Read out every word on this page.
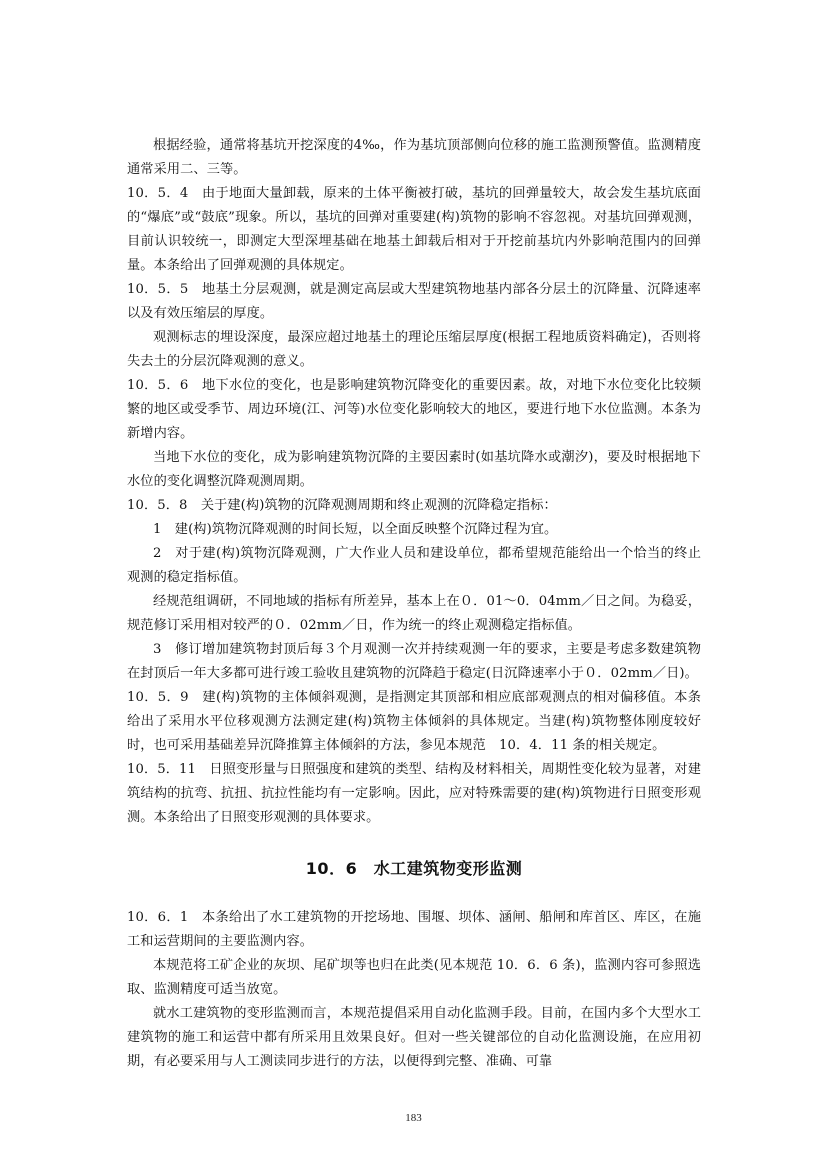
根据经验，通常将基坑开挖深度的4‰，作为基坑顶部侧向位移的施工监测预警值。监测精度通常采用二、三等。

10．5．4　由于地面大量卸载，原来的土体平衡被打破，基坑的回弹量较大，故会发生基坑底面的“爆底”或“鼓底”现象。所以，基坑的回弹对重要建(构)筑物的影响不容忽视。对基坑回弹观测，目前认识较统一，即测定大型深埋基础在地基土卸载后相对于开挖前基坑内外影响范围内的回弹量。本条给出了回弹观测的具体规定。

10．5．5　地基土分层观测，就是测定高层或大型建筑物地基内部各分层土的沉降量、沉降速率以及有效压缩层的厚度。

观测标志的埋设深度，最深应超过地基土的理论压缩层厚度(根据工程地质资料确定)，否则将失去土的分层沉降观测的意义。

10．5．6　地下水位的变化，也是影响建筑物沉降变化的重要因素。故，对地下水位变化比较频繁的地区或受季节、周边环境(江、河等)水位变化影响较大的地区，要进行地下水位监测。本条为新增内容。

当地下水位的变化，成为影响建筑物沉降的主要因素时(如基坑降水或潮汐)，要及时根据地下水位的变化调整沉降观测周期。

10．5．8　关于建(构)筑物的沉降观测周期和终止观测的沉降稳定指标：

1　建(构)筑物沉降观测的时间长短，以全面反映整个沉降过程为宜。

2　对于建(构)筑物沉降观测，广大作业人员和建设单位，都希望规范能给出一个恰当的终止观测的稳定指标值。

经规范组调研，不同地域的指标有所差异，基本上在０．01～0．04mm／日之间。为稳妥，规范修订采用相对较严的０．02mm／日，作为统一的终止观测稳定指标值。

3　修订增加建筑物封顶后每３个月观测一次并持续观测一年的要求，主要是考虑多数建筑物在封顶后一年大多都可进行竣工验收且建筑物的沉降趋于稳定(日沉降速率小于０．02mm／日)。

10．5．9　建(构)筑物的主体倾斜观测，是指测定其顶部和相应底部观测点的相对偏移值。本条给出了采用水平位移观测方法测定建(构)筑物主体倾斜的具体规定。当建(构)筑物整体刚度较好时，也可采用基础差异沉降推算主体倾斜的方法，参见本规范　10．4．11 条的相关规定。

10．5．11　日照变形量与日照强度和建筑的类型、结构及材料相关，周期性变化较为显著，对建筑结构的抗弯、抗扭、抗拉性能均有一定影响。因此，应对特殊需要的建(构)筑物进行日照变形观测。本条给出了日照变形观测的具体要求。

10．6　水工建筑物变形监测

10．6．1　本条给出了水工建筑物的开挖场地、围堰、坝体、涵闸、船闸和库首区、库区，在施工和运营期间的主要监测内容。

本规范将工矿企业的灰坝、尾矿坝等也归在此类(见本规范 10．6．6 条)，监测内容可参照选取、监测精度可适当放宽。

就水工建筑物的变形监测而言，本规范提倡采用自动化监测手段。目前，在国内多个大型水工建筑物的施工和运营中都有所采用且效果良好。但对一些关键部位的自动化监测设施，在应用初期，有必要采用与人工测读同步进行的方法，以便得到完整、准确、可靠

183
